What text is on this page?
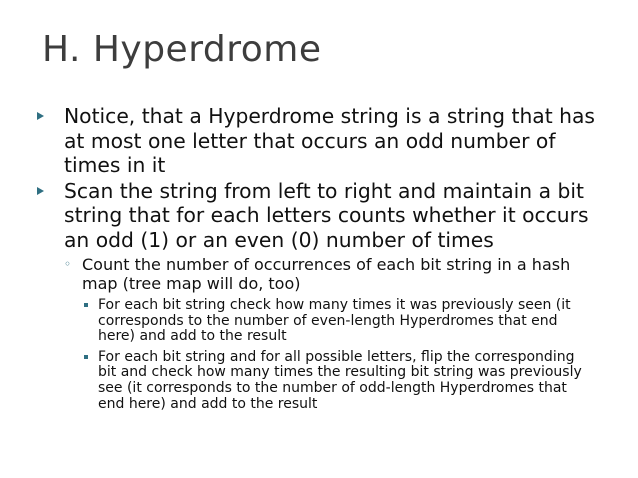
H. Hyperdrome
Notice, that a Hyperdrome string is a string that has at most one letter that occurs an odd number of times in it
Scan the string from left to right and maintain a bit string that for each letters counts whether it occurs an odd (1) or an even (0) number of times
◦ Count the number of occurrences of each bit string in a hash map (tree map will do, too)
For each bit string check how many times it was previously seen (it corresponds to the number of even-length Hyperdromes that end here) and add to the result
For each bit string and for all possible letters, flip the corresponding bit and check how many times the resulting bit string was previously see (it corresponds to the number of odd-length Hyperdromes that end here) and add to the result
